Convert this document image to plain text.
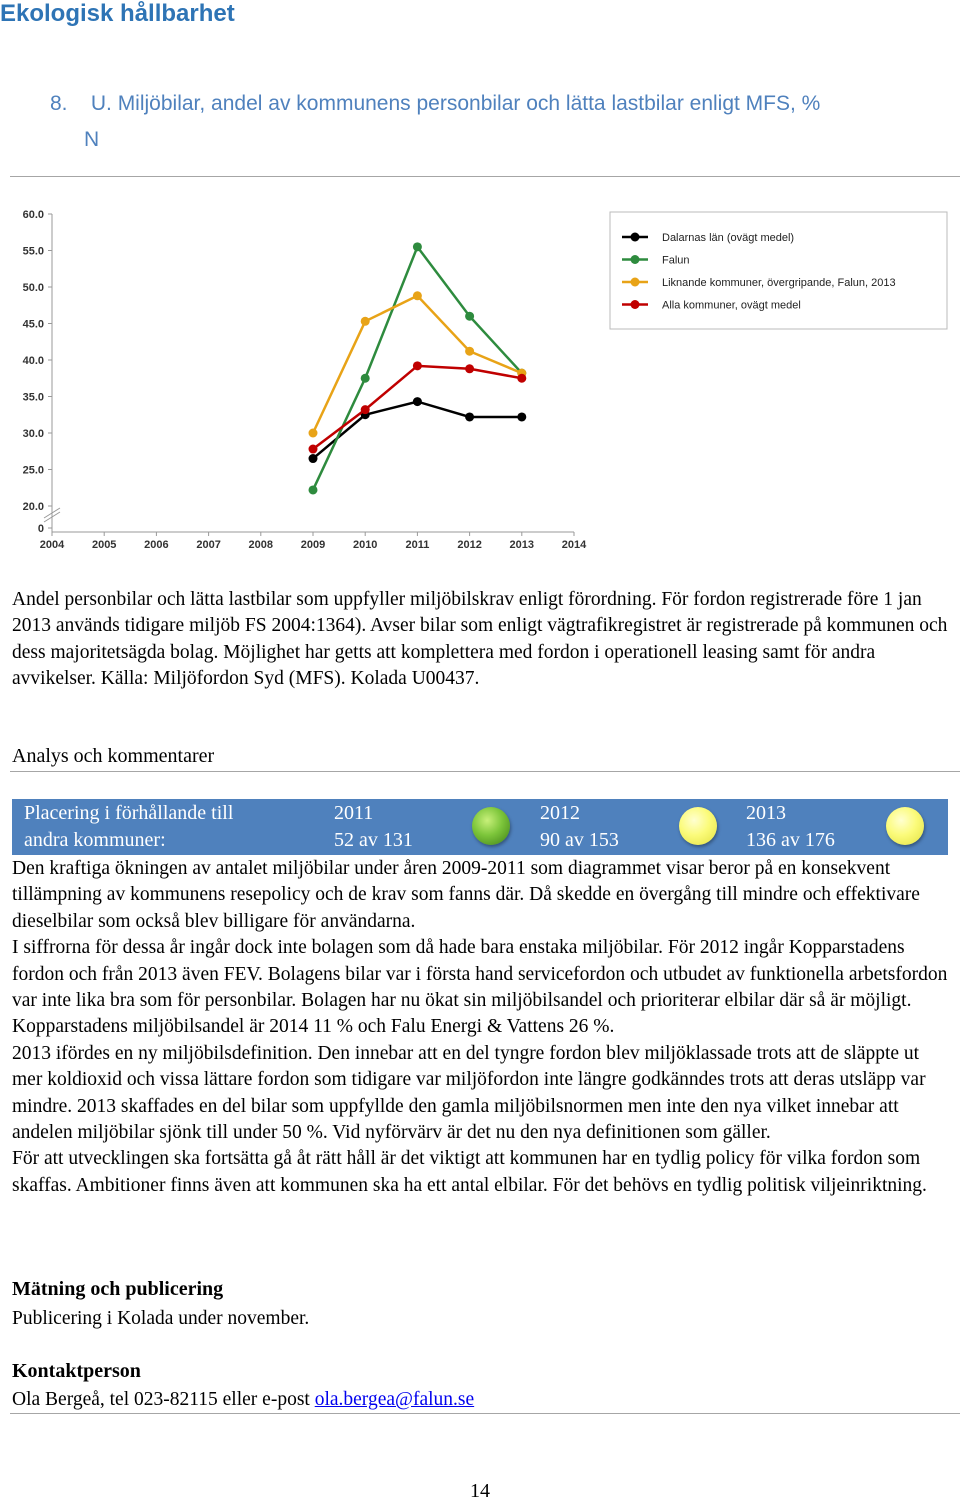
Ekologisk hållbarhet
8. U. Miljöbilar, andel av kommunens personbilar och lätta lastbilar enligt MFS, %
N
0
20.0
25.0
30.0
35.0
40.0
45.0
50.0
55.0
60.0
2004	2005	2006	2007	2008	2009	2010	2011	2012	2013	2014
Dalarnas län (ovägt medel)
Falun
Liknande kommuner, övergripande, Falun, 2013
Alla kommuner, ovägt medel
Andel personbilar och lätta lastbilar som uppfyller miljöbilskrav enligt förordning. För fordon registrerade före 1 jan 2013 används tidigare miljöb FS 2004:1364). Avser bilar som enligt vägtrafikregistret är registrerade på kommunen och dess majoritetsägda bolag. Möjlighet har getts att komplettera med fordon i operationell leasing samt för andra avvikelser. Källa: Miljöfordon Syd (MFS). Kolada U00437.
Analys och kommentarer
Placering i förhållande till
andra kommuner:
2011
52 av 131
2012
90 av 153
2013
136 av 176
Den kraftiga ökningen av antalet miljöbilar under åren 2009-2011 som diagrammet visar beror på en konsekvent tillämpning av kommunens resepolicy och de krav som fanns där. Då skedde en övergång till mindre och effektivare dieselbilar som också blev billigare för användarna.
I siffrorna för dessa år ingår dock inte bolagen som då hade bara enstaka miljöbilar. För 2012 ingår Kopparstadens fordon och från 2013 även FEV. Bolagens bilar var i första hand servicefordon och utbudet av funktionella arbetsfordon var inte lika bra som för personbilar. Bolagen har nu ökat sin miljöbilsandel och prioriterar elbilar där så är möjligt. Kopparstadens miljöbilsandel är 2014 11 % och Falu Energi & Vattens 26 %.
2013 ifördes en ny miljöbilsdefinition. Den innebar att en del tyngre fordon blev miljöklassade trots att de släppte ut mer koldioxid och vissa lättare fordon som tidigare var miljöfordon inte längre godkänndes trots att deras utsläpp var mindre. 2013 skaffades en del bilar som uppfyllde den gamla miljöbilsnormen men inte den nya vilket innebar att andelen miljöbilar sjönk till under 50 %. Vid nyförvärv är det nu den nya definitionen som gäller.
För att utvecklingen ska fortsätta gå åt rätt håll är det viktigt att kommunen har en tydlig policy för vilka fordon som skaffas. Ambitioner finns även att kommunen ska ha ett antal elbilar. För det behövs en tydlig politisk viljeinriktning.
Mätning och publicering
Publicering i Kolada under november.
Kontaktperson
Ola Bergeå, tel 023-82115 eller e-post ola.bergea@falun.se
14
